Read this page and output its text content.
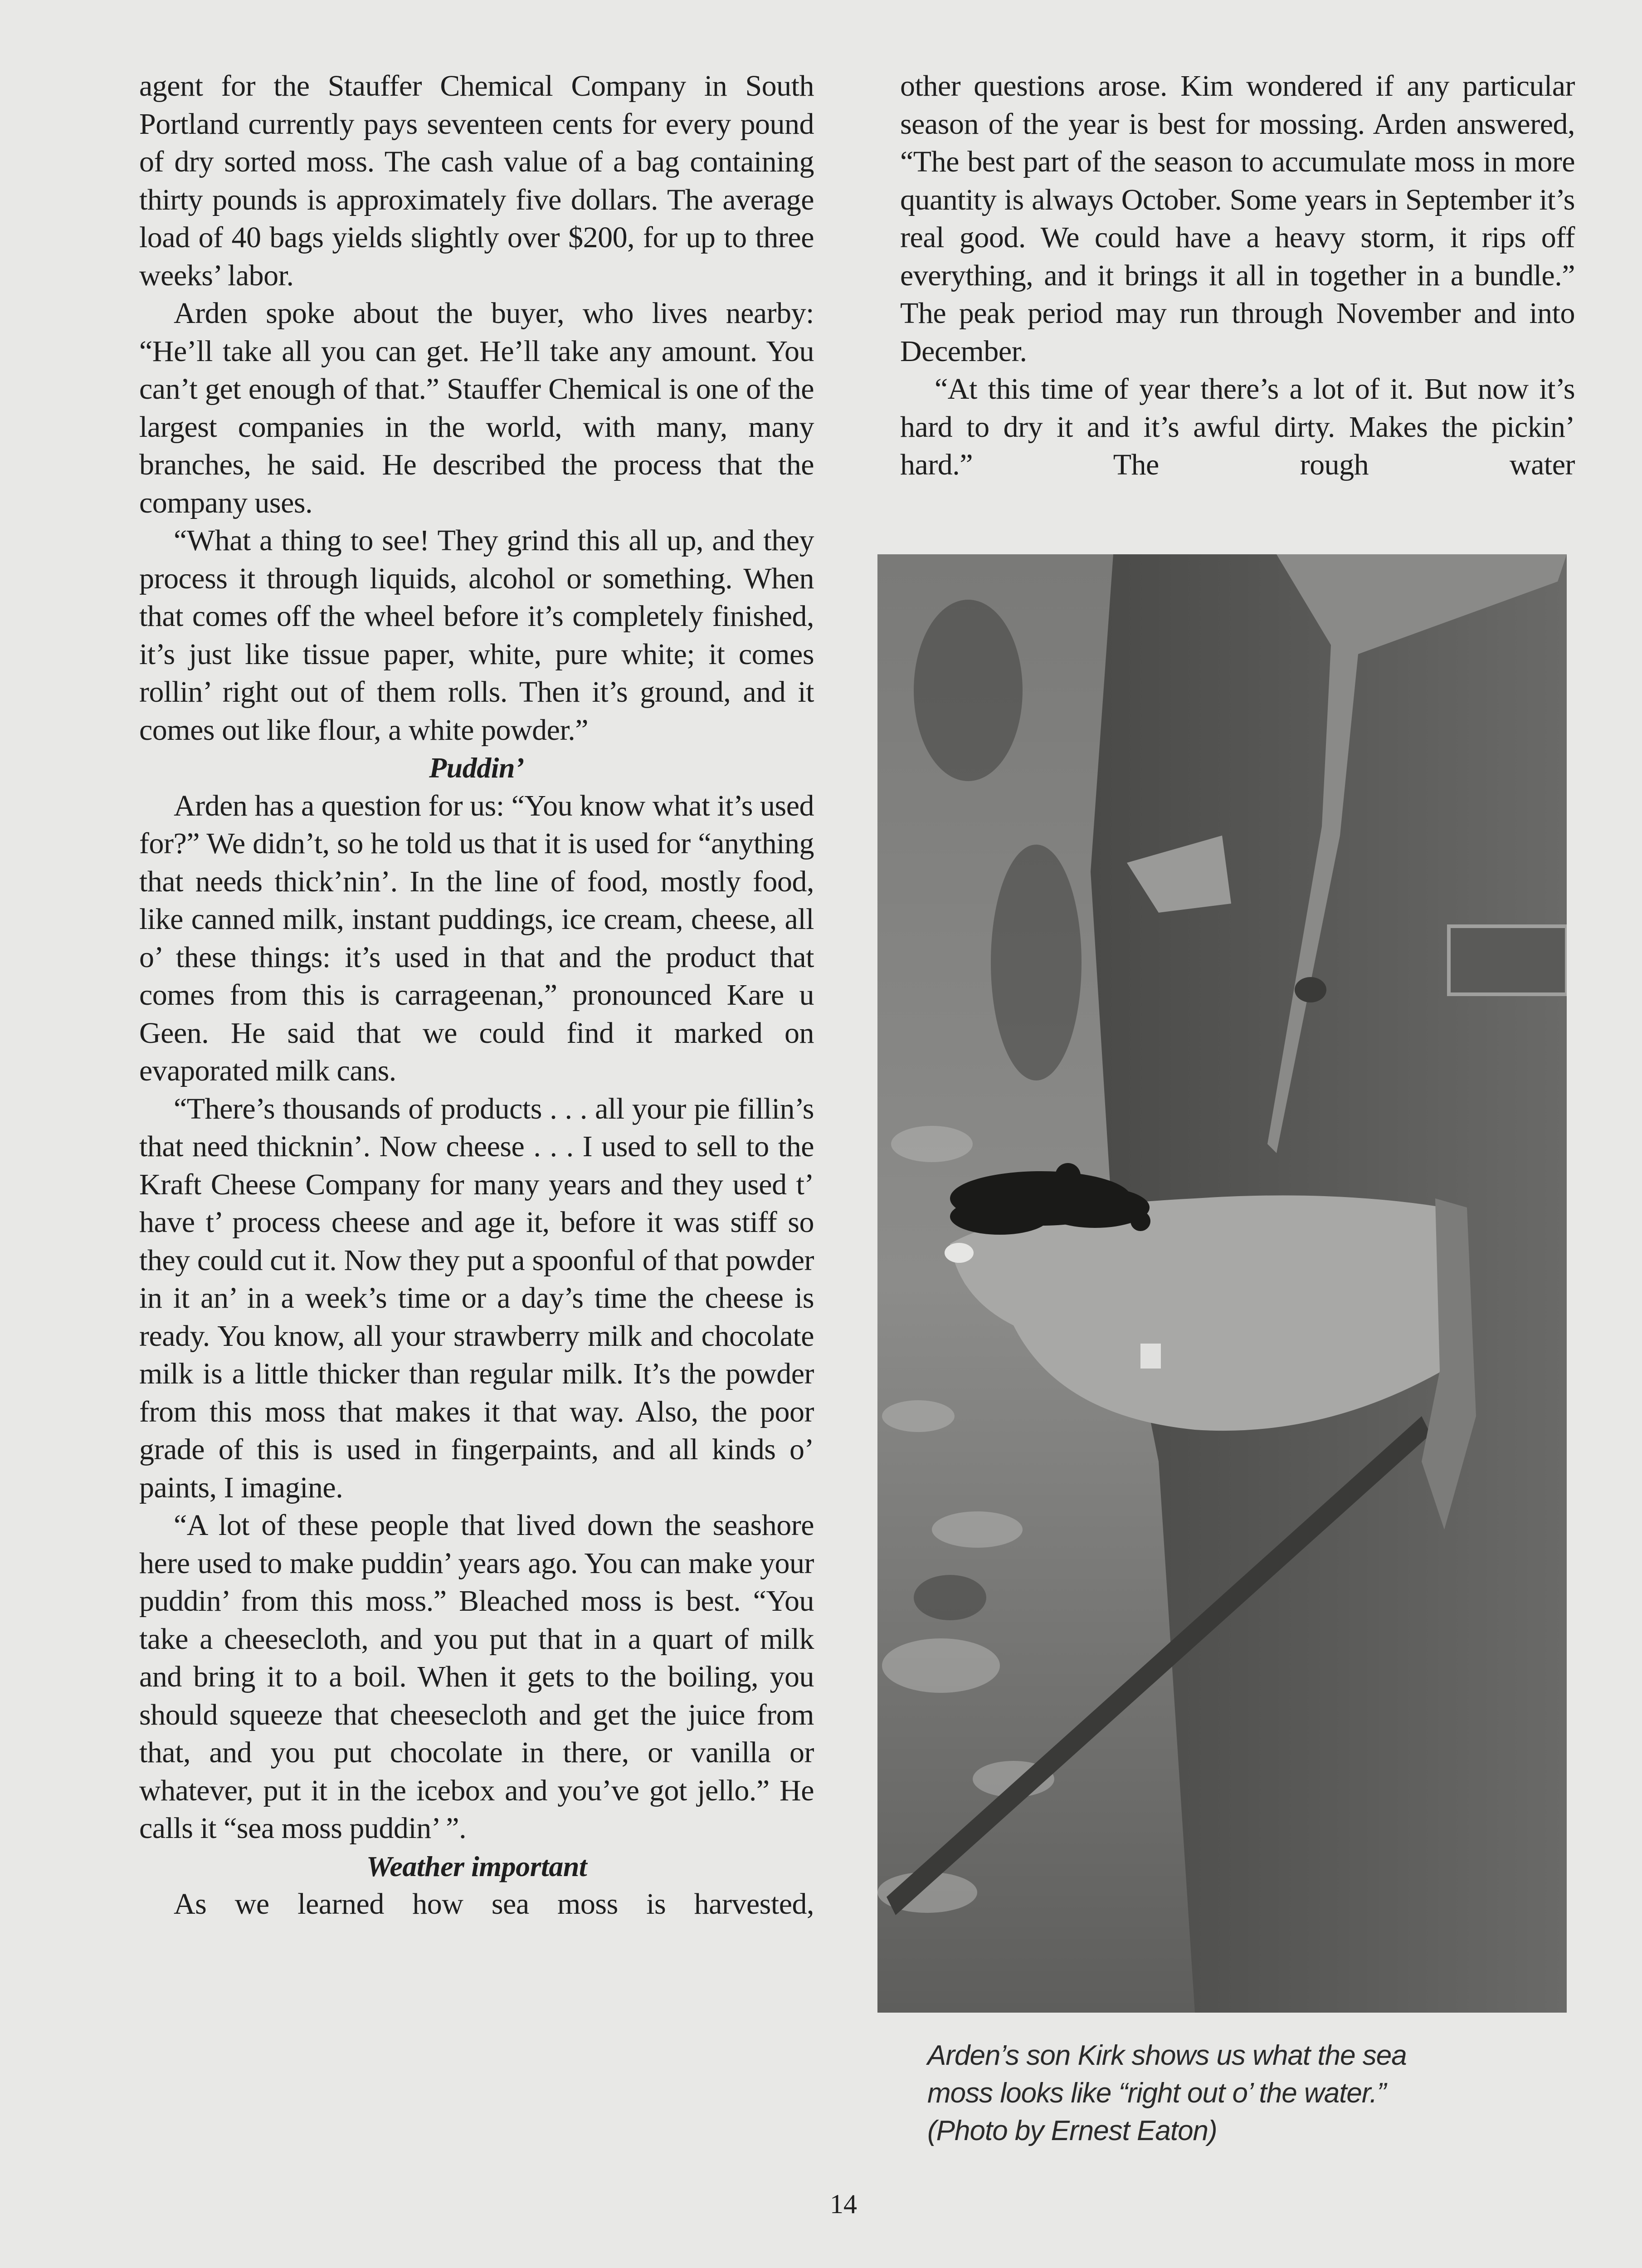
agent for the Stauffer Chemical Company in South Portland currently pays seventeen cents for every pound of dry sorted moss. The cash value of a bag containing thirty pounds is approximately five dollars. The average load of 40 bags yields slightly over $200, for up to three weeks’ labor.

Arden spoke about the buyer, who lives nearby: “He’ll take all you can get. He’ll take any amount. You can’t get enough of that.” Stauffer Chemical is one of the largest companies in the world, with many, many branches, he said. He described the process that the company uses.

“What a thing to see! They grind this all up, and they process it through liquids, alcohol or something. When that comes off the wheel before it’s completely finished, it’s just like tissue paper, white, pure white; it comes rollin’ right out of them rolls. Then it’s ground, and it comes out like flour, a white powder.”

Puddin’

Arden has a question for us: “You know what it’s used for?” We didn’t, so he told us that it is used for “anything that needs thick’nin’. In the line of food, mostly food, like canned milk, instant puddings, ice cream, cheese, all o’ these things: it’s used in that and the product that comes from this is carrageenan,” pronounced Kare u Geen. He said that we could find it marked on evaporated milk cans.

“There’s thousands of products . . . all your pie fillin’s that need thicknin’. Now cheese . . . I used to sell to the Kraft Cheese Company for many years and they used t’ have t’ process cheese and age it, before it was stiff so they could cut it. Now they put a spoonful of that powder in it an’ in a week’s time or a day’s time the cheese is ready. You know, all your strawberry milk and chocolate milk is a little thicker than regular milk. It’s the powder from this moss that makes it that way. Also, the poor grade of this is used in fingerpaints, and all kinds o’ paints, I imagine.

“A lot of these people that lived down the seashore here used to make puddin’ years ago. You can make your puddin’ from this moss.” Bleached moss is best. “You take a cheesecloth, and you put that in a quart of milk and bring it to a boil. When it gets to the boiling, you should squeeze that cheesecloth and get the juice from that, and you put chocolate in there, or vanilla or whatever, put it in the icebox and you’ve got jello.” He calls it “sea moss puddin’ ”.

Weather important

As we learned how sea moss is harvested,

other questions arose. Kim wondered if any particular season of the year is best for mossing. Arden answered, “The best part of the season to accumulate moss in more quantity is always October. Some years in September it’s real good. We could have a heavy storm, it rips off everything, and it brings it all in together in a bundle.” The peak period may run through November and into December.

“At this time of year there’s a lot of it. But now it’s hard to dry it and it’s awful dirty. Makes the pickin’ hard.” The rough water

Arden’s son Kirk shows us what the sea
moss looks like “right out o’ the water.”
(Photo by Ernest Eaton)
14
